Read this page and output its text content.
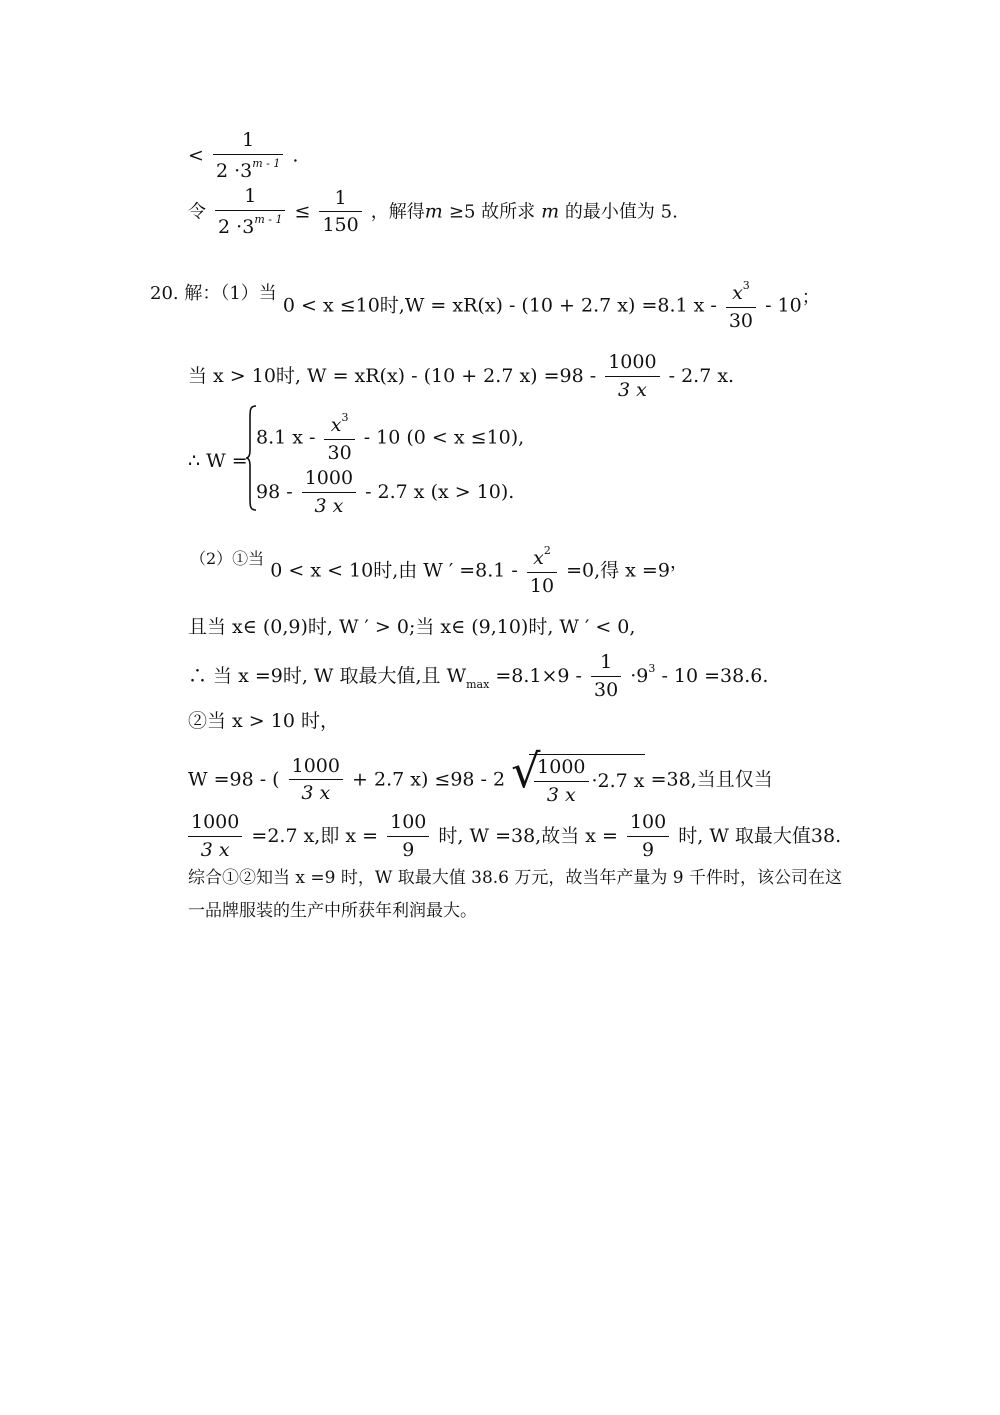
< $\frac{1}{2 \cdot 3^{m - 1}}$ .
令 $\frac{1}{2 \cdot 3^{m - 1}} \le \frac{1}{150}$ ，解得m ≥5 故所求 m 的最小值为 5.
20. 解：（1）当 0 < x ≤10时,W = xR(x) - (10 + 2.7 x) =8.1 x - $\frac{x^3}{30} - 10$；
当 x > 10时, W = xR(x) - (10 + 2.7 $x) =98 - \frac{1000}{3 x} - 2.7$ x.
∴ W =
8.1 x - $\frac{x^3}{30} - 10$ (0 < x ≤10),
$98 - \frac{1000}{3 x} - 2.7$ x (x > 10).
$^{(2)①当}$ 0 < x < 10时,由 W ′ $=8.1 - \frac{x^2}{10} =0$,得 x =9，
且当 x∈ (0,9)时, W ′ > 0;当 x∈ (9,10)时, W ′ < 0,
∴ 当 x =9时, W 取最大值,且 $W_{max} =8.1\times 9 - \frac{1}{30} \cdot 9^3 - 10 =38.6$.
②当 x > 10 时，
W =98 - ( $\frac{1000}{3 x} + 2.7$ x) ≤98 - 2 √
$\frac{1000}{3 x} \cdot 2.7$ x =38,当且仅当
$\frac{1000}{3 x} =2.7$ x,即 $x = \frac{100}{9}$ 时, W =38,故当 $x = \frac{100}{9}$ 时, W 取最大值38.
综合①②知当 x =9 时，W 取最大值 38.6 万元，故当年产量为 9 千件时，该公司在这
一品牌服装的生产中所获年利润最大。
